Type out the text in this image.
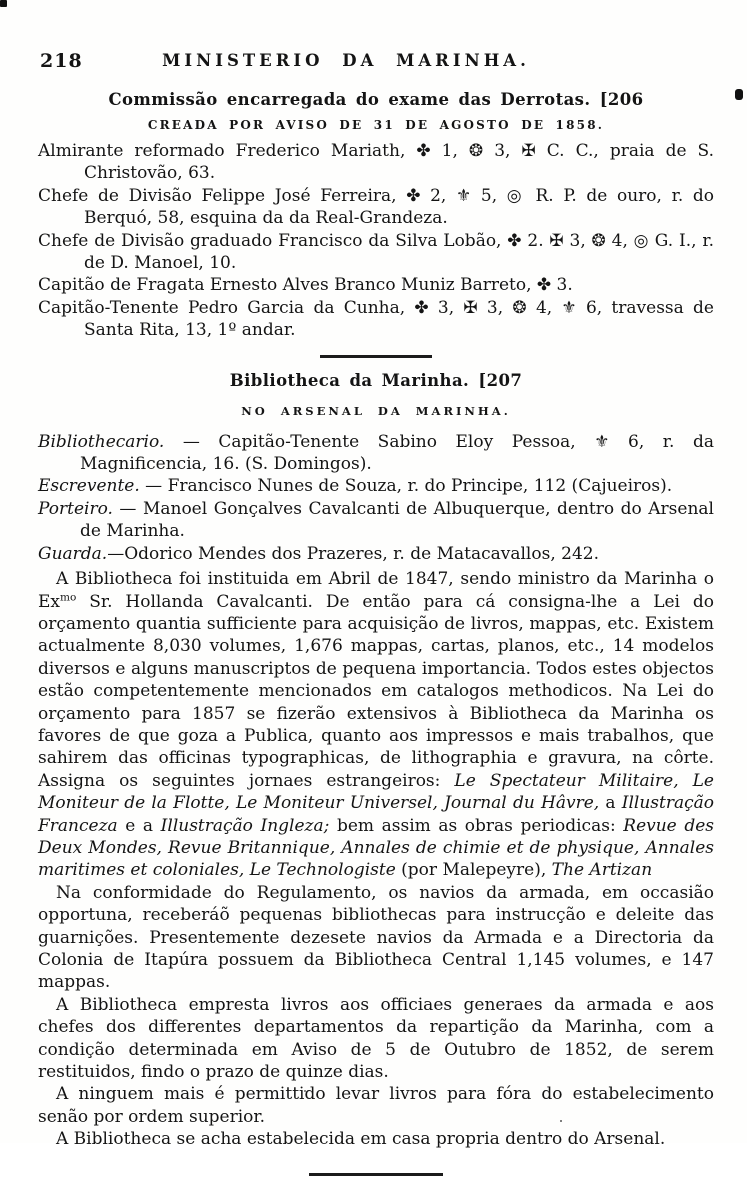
218	MINISTERIO DA MARINHA.
Commissão encarregada do exame das Derrotas. [206
CREADA POR AVISO DE 31 DE AGOSTO DE 1858.

Almirante reformado Frederico Mariath, ✤ 1, ❂ 3, ✠ C. C., praia de S. Christovão, 63.

Chefe de Divisão Felippe José Ferreira, ✤ 2, ⚜ 5, ◎ R. P. de ouro, r. do Berquó, 58, esquina da da Real-Grandeza.

Chefe de Divisão graduado Francisco da Silva Lobão, ✤ 2. ✠ 3, ❂ 4, ◎ G. I., r. de D. Manoel, 10.

Capitão de Fragata Ernesto Alves Branco Muniz Barreto, ✤ 3.

Capitão-Tenente Pedro Garcia da Cunha, ✤ 3, ✠ 3, ❂ 4, ⚜ 6, travessa de Santa Rita, 13, 1º andar.

Bibliotheca da Marinha. [207
NO ARSENAL DA MARINHA.

Bibliothecario. — Capitão-Tenente Sabino Eloy Pessoa, ⚜ 6, r. da Magnificencia, 16. (S. Domingos).

Escrevente. — Francisco Nunes de Souza, r. do Principe, 112 (Cajueiros).

Porteiro. — Manoel Gonçalves Cavalcanti de Albuquerque, dentro do Arsenal de Marinha.

Guarda.—Odorico Mendes dos Prazeres, r. de Matacavallos, 242.

A Bibliotheca foi instituida em Abril de 1847, sendo ministro da Marinha o $Ex^{mo}$ Sr. Hollanda Cavalcanti. De então para cá consigna-lhe a Lei do orçamento quantia sufficiente para acquisição de livros, mappas, etc. Existem actualmente 8,030 volumes, 1,676 mappas, cartas, planos, etc., 14 modelos diversos e alguns manuscriptos de pequena importancia. Todos estes objectos estão competentemente mencionados em catalogos methodicos. Na Lei do orçamento para 1857 se fizerão extensivos à Bibliotheca da Marinha os favores de que goza a Publica, quanto aos impressos e mais trabalhos, que sahirem das officinas typographicas, de lithographia e gravura, na côrte. Assigna os seguintes jornaes estrangeiros: Le Spectateur Militaire, Le Moniteur de la Flotte, Le Moniteur Universel, Journal du Hâvre, a Illustração Franceza e a Illustração Ingleza; bem assim as obras periodicas: Revue des Deux Mondes, Revue Britannique, Annales de chimie et de physique, Annales maritimes et coloniales, Le Technologiste (por Malepeyre), The Artizan

Na conformidade do Regulamento, os navios da armada, em occasião opportuna, receberáõ pequenas bibliothecas para instrucção e deleite das guarnições. Presentemente dezesete navios da Armada e a Directoria da Colonia de Itapúra possuem da Bibliotheca Central 1,145 volumes, e 147 mappas.

A Bibliotheca empresta livros aos officiaes generaes da armada e aos chefes dos differentes departamentos da repartição da Marinha, com a condição determinada em Aviso de 5 de Outubro de 1852, de serem restituidos, findo o prazo de quinze dias.

A ninguem mais é permittido levar livros para fóra do estabelecimento senão por ordem superior.

A Bibliotheca se acha estabelecida em casa propria dentro do Arsenal.
